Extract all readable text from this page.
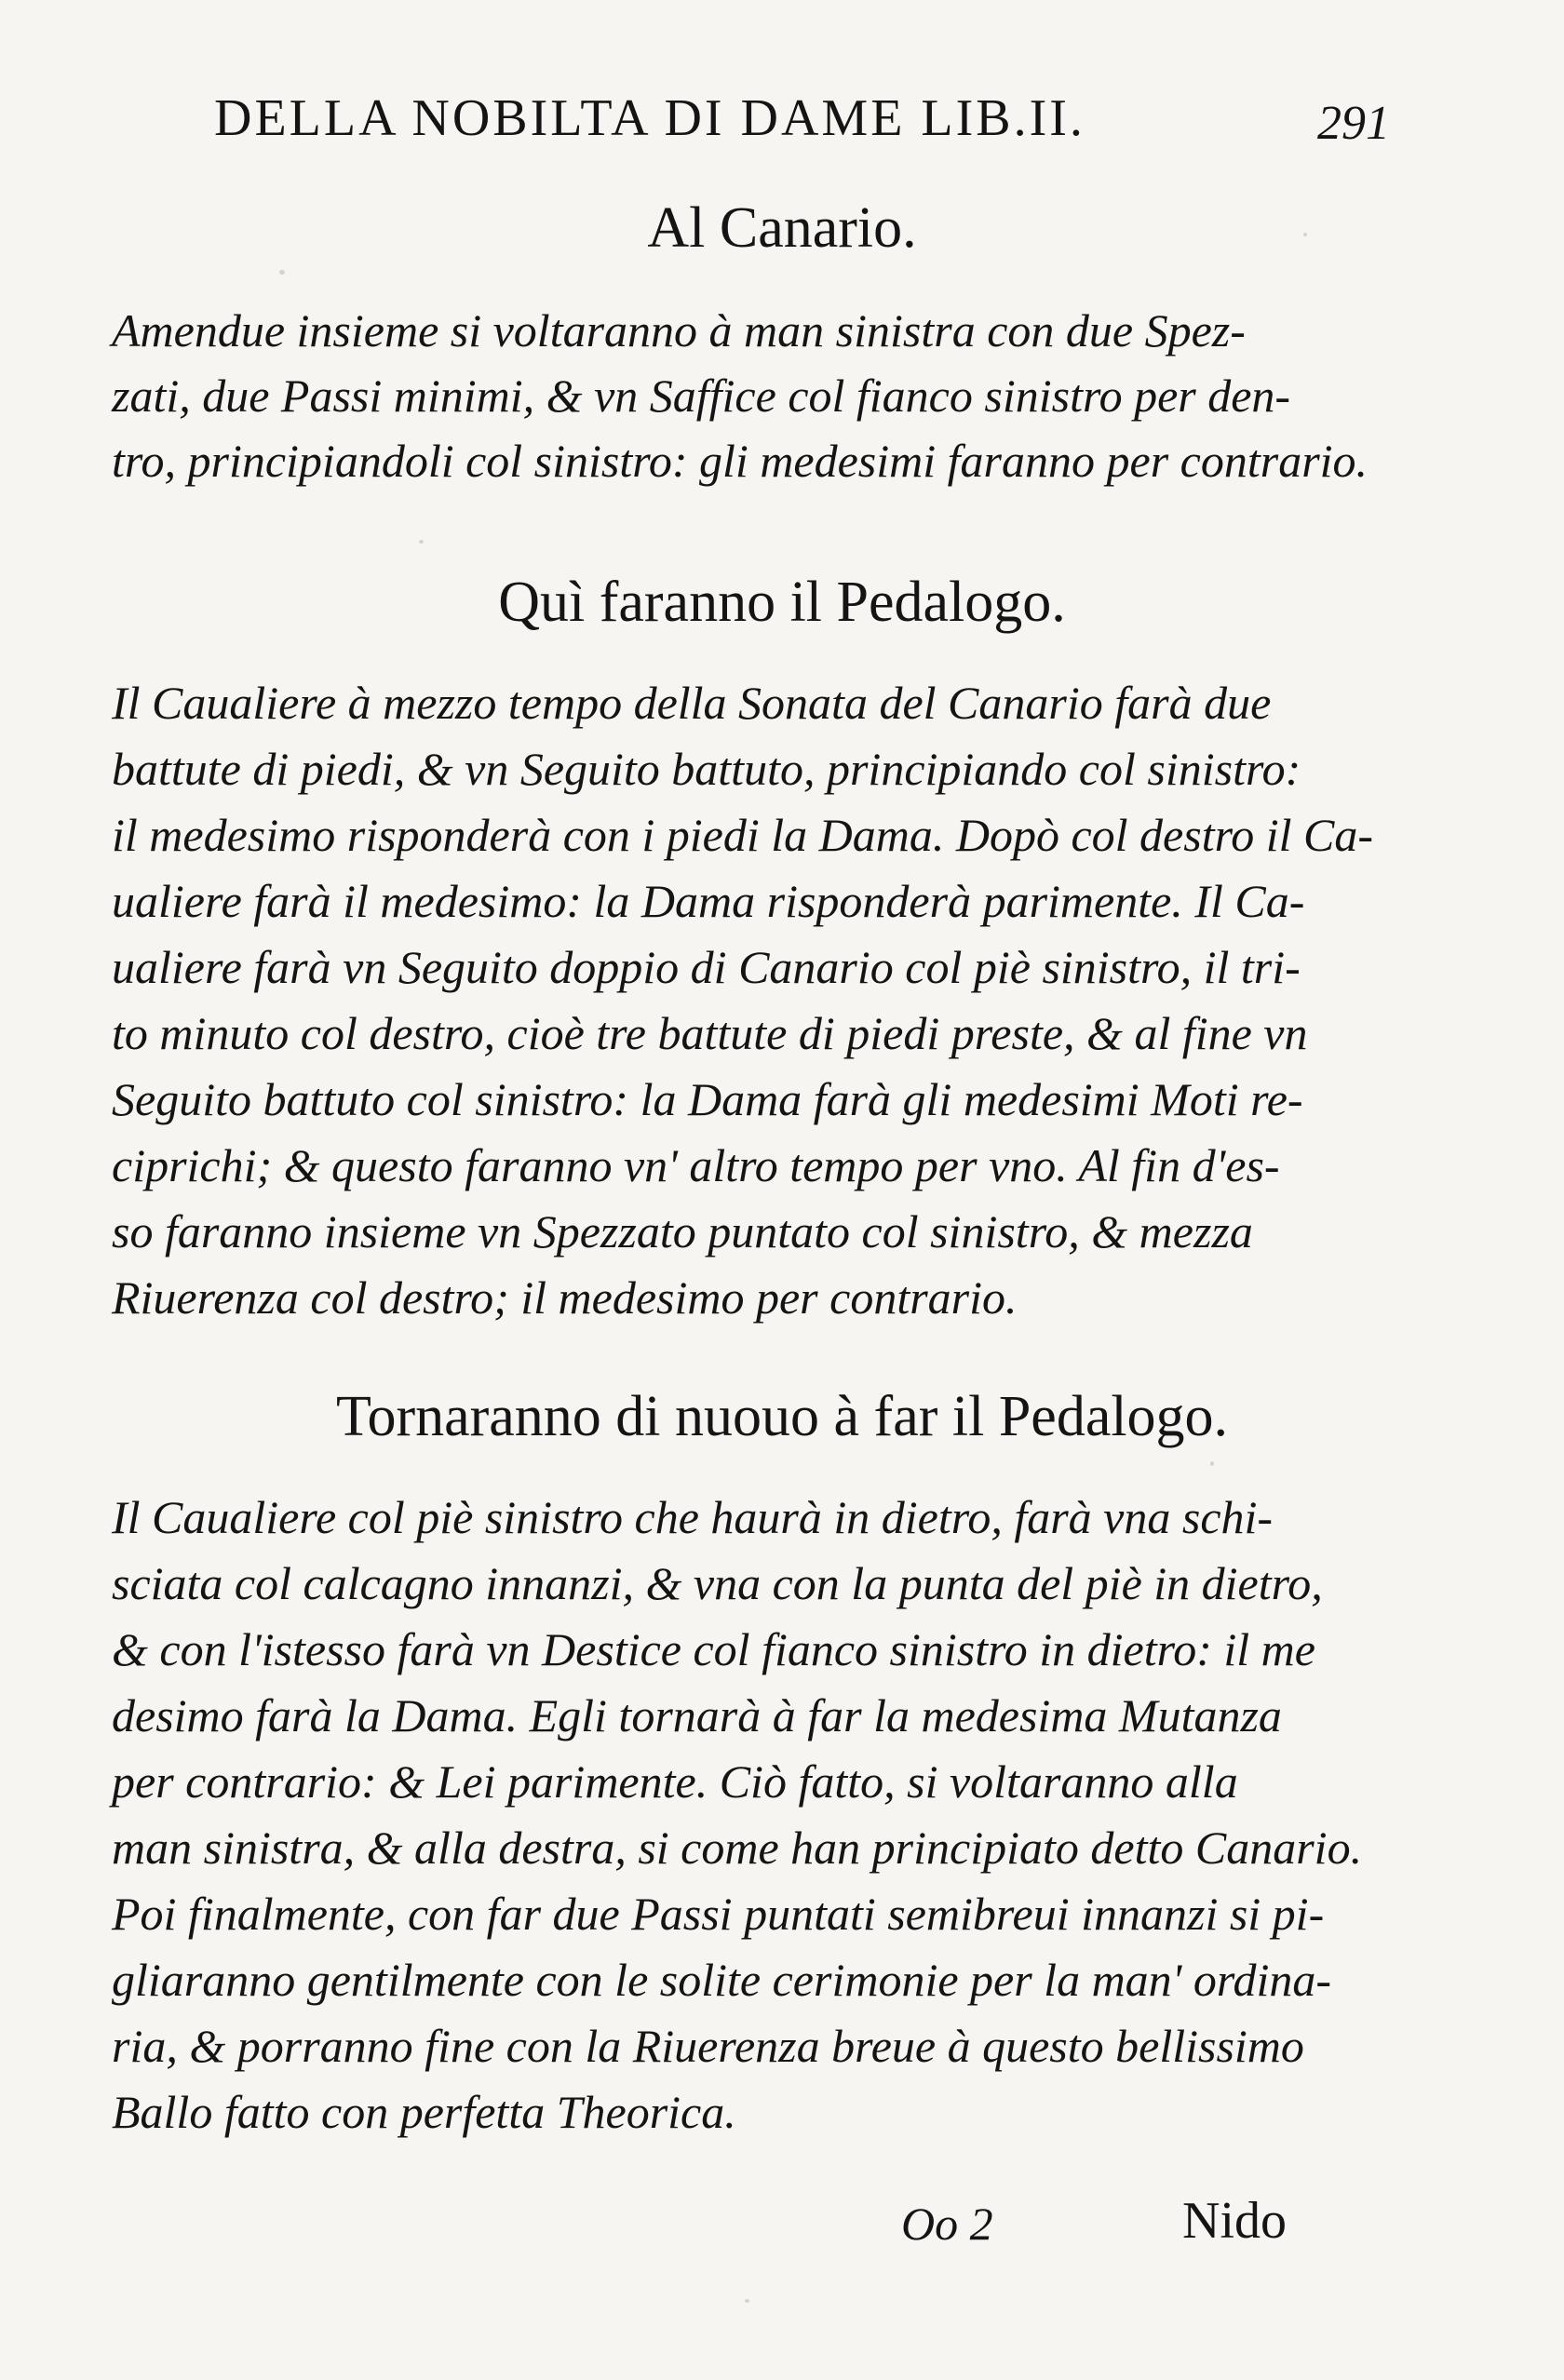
DELLA NOBILTA DI DAME LIB.II.	291
Al Canario.
Amendue insieme si voltaranno à man sinistra con due Spez-
zati, due Passi minimi, & vn Saffice col fianco sinistro per den-
tro, principiandoli col sinistro: gli medesimi faranno per contrario.
Quì faranno il Pedalogo.
Il Caualiere à mezzo tempo della Sonata del Canario farà due
battute di piedi, & vn Seguito battuto, principiando col sinistro:
il medesimo risponderà con i piedi la Dama. Dopò col destro il Ca-
ualiere farà il medesimo: la Dama risponderà parimente. Il Ca-
ualiere farà vn Seguito doppio di Canario col piè sinistro, il tri-
to minuto col destro, cioè tre battute di piedi preste, & al fine vn
Seguito battuto col sinistro: la Dama farà gli medesimi Moti re-
ciprichi; & questo faranno vn' altro tempo per vno. Al fin d'es-
so faranno insieme vn Spezzato puntato col sinistro, & mezza
Riuerenza col destro; il medesimo per contrario.
Tornaranno di nuouo à far il Pedalogo.
Il Caualiere col piè sinistro che haurà in dietro, farà vna schi-
sciata col calcagno innanzi, & vna con la punta del piè in dietro,
& con l'istesso farà vn Destice col fianco sinistro in dietro: il me
desimo farà la Dama. Egli tornarà à far la medesima Mutanza
per contrario: & Lei parimente. Ciò fatto, si voltaranno alla
man sinistra, & alla destra, si come han principiato detto Canario.
Poi finalmente, con far due Passi puntati semibreui innanzi si pi-
gliaranno gentilmente con le solite cerimonie per la man' ordina-
ria, & porranno fine con la Riuerenza breue à questo bellissimo
Ballo fatto con perfetta Theorica.
Oo 2	Nido
